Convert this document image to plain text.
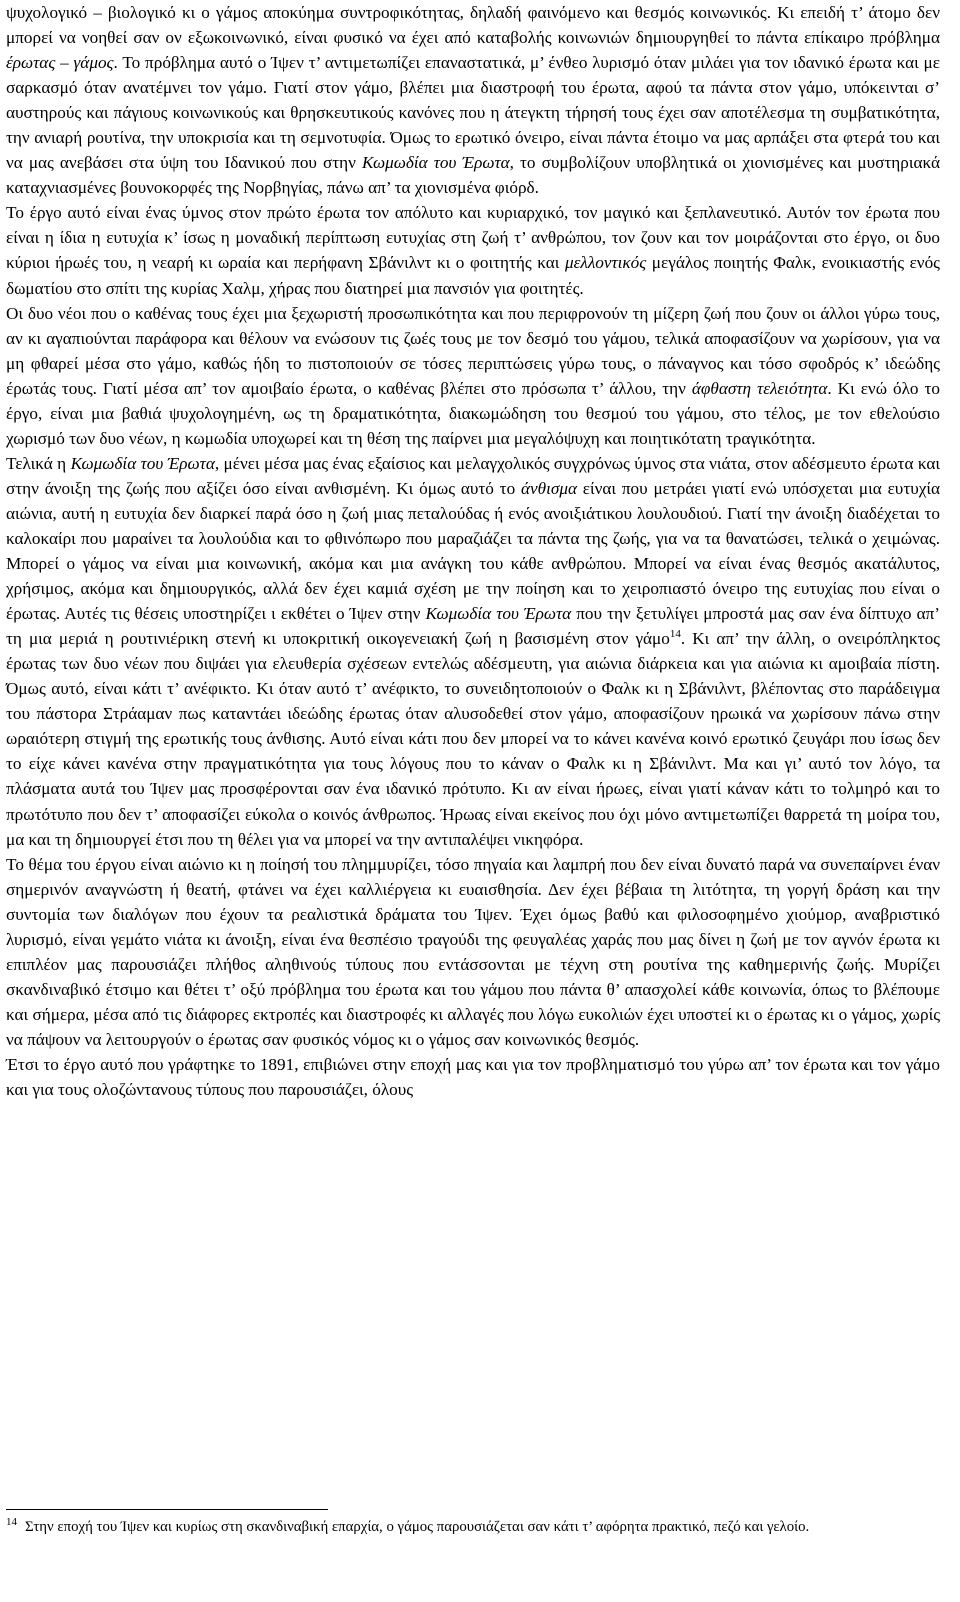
ψυχολογικό – βιολογικό κι ο γάμος αποκύημα συντροφικότητας, δηλαδή φαινόμενο και θεσμός κοινωνικός. Κι επειδή τ’ άτομο δεν μπορεί να νοηθεί σαν ον εξωκοινωνικό, είναι φυσικό να έχει από καταβολής κοινωνιών δημιουργηθεί το πάντα επίκαιρο πρόβλημα έρωτας – γάμος. Το πρόβλημα αυτό ο Ίψεν τ’ αντιμετωπίζει επαναστατικά, μ’ ένθεο λυρισμό όταν μιλάει για τον ιδανικό έρωτα και με σαρκασμό όταν ανατέμνει τον γάμο. Γιατί στον γάμο, βλέπει μια διαστροφή του έρωτα, αφού τα πάντα στον γάμο, υπόκεινται σ’ αυστηρούς και πάγιους κοινωνικούς και θρησκευτικούς κανόνες που η άτεγκτη τήρησή τους έχει σαν αποτέλεσμα τη συμβατικότητα, την ανιαρή ρουτίνα, την υποκρισία και τη σεμνοτυφία. Όμως το ερωτικό όνειρο, είναι πάντα έτοιμο να μας αρπάξει στα φτερά του και να μας ανεβάσει στα ύψη του Ιδανικού που στην Κωμωδία του Έρωτα, το συμβολίζουν υποβλητικά οι χιονισμένες και μυστηριακά καταχνιασμένες βουνοκορφές της Νορβηγίας, πάνω απ’ τα χιονισμένα φιόρδ.

Το έργο αυτό είναι ένας ύμνος στον πρώτο έρωτα τον απόλυτο και κυριαρχικό, τον μαγικό και ξεπλανευτικό. Αυτόν τον έρωτα που είναι η ίδια η ευτυχία κ’ ίσως η μοναδική περίπτωση ευτυχίας στη ζωή τ’ ανθρώπου, τον ζουν και τον μοιράζονται στο έργο, οι δυο κύριοι ήρωές του, η νεαρή κι ωραία και περήφανη Σβάνιλντ κι ο φοιτητής και μελλοντικός μεγάλος ποιητής Φαλκ, ενοικιαστής ενός δωματίου στο σπίτι της κυρίας Χαλμ, χήρας που διατηρεί μια πανσιόν για φοιτητές.

Οι δυο νέοι που ο καθένας τους έχει μια ξεχωριστή προσωπικότητα και που περιφρονούν τη μίζερη ζωή που ζουν οι άλλοι γύρω τους, αν κι αγαπιούνται παράφορα και θέλουν να ενώσουν τις ζωές τους με τον δεσμό του γάμου, τελικά αποφασίζουν να χωρίσουν, για να μη φθαρεί μέσα στο γάμο, καθώς ήδη το πιστοποιούν σε τόσες περιπτώσεις γύρω τους, ο πάναγνος και τόσο σφοδρός κ’ ιδεώδης έρωτάς τους. Γιατί μέσα απ’ τον αμοιβαίο έρωτα, ο καθένας βλέπει στο πρόσωπα τ’ άλλου, την άφθαστη τελειότητα. Κι ενώ όλο το έργο, είναι μια βαθιά ψυχολογημένη, ως τη δραματικότητα, διακωμώδηση του θεσμού του γάμου, στο τέλος, με τον εθελούσιο χωρισμό των δυο νέων, η κωμωδία υποχωρεί και τη θέση της παίρνει μια μεγαλόψυχη και ποιητικότατη τραγικότητα.

Τελικά η Κωμωδία του Έρωτα, μένει μέσα μας ένας εξαίσιος και μελαγχολικός συγχρόνως ύμνος στα νιάτα, στον αδέσμευτο έρωτα και στην άνοιξη της ζωής που αξίζει όσο είναι ανθισμένη. Κι όμως αυτό το άνθισμα είναι που μετράει γιατί ενώ υπόσχεται μια ευτυχία αιώνια, αυτή η ευτυχία δεν διαρκεί παρά όσο η ζωή μιας πεταλούδας ή ενός ανοιξιάτικου λουλουδιού. Γιατί την άνοιξη διαδέχεται το καλοκαίρι που μαραίνει τα λουλούδια και το φθινόπωρο που μαραζιάζει τα πάντα της ζωής, για να τα θανατώσει, τελικά ο χειμώνας. Μπορεί ο γάμος να είναι μια κοινωνική, ακόμα και μια ανάγκη του κάθε ανθρώπου. Μπορεί να είναι ένας θεσμός ακατάλυτος, χρήσιμος, ακόμα και δημιουργικός, αλλά δεν έχει καμιά σχέση με την ποίηση και το χειροπιαστό όνειρο της ευτυχίας που είναι ο έρωτας. Αυτές τις θέσεις υποστηρίζει ι εκθέτει ο Ίψεν στην Κωμωδία του Έρωτα που την ξετυλίγει μπροστά μας σαν ένα δίπτυχο απ’ τη μια μεριά η ρουτινιέρικη στενή κι υποκριτική οικογενειακή ζωή η βασισμένη στον γάμο$^{14}$. Κι απ’ την άλλη, ο ονειρόπληκτος έρωτας των δυο νέων που διψάει για ελευθερία σχέσεων εντελώς αδέσμευτη, για αιώνια διάρκεια και για αιώνια κι αμοιβαία πίστη. Όμως αυτό, είναι κάτι τ’ ανέφικτο. Κι όταν αυτό τ’ ανέφικτο, το συνειδητοποιούν ο Φαλκ κι η Σβάνιλντ, βλέποντας στο παράδειγμα του πάστορα Στράαμαν πως καταντάει ιδεώδης έρωτας όταν αλυσοδεθεί στον γάμο, αποφασίζουν ηρωικά να χωρίσουν πάνω στην ωραιότερη στιγμή της ερωτικής τους άνθισης. Αυτό είναι κάτι που δεν μπορεί να το κάνει κανένα κοινό ερωτικό ζευγάρι που ίσως δεν το είχε κάνει κανένα στην πραγματικότητα για τους λόγους που το κάναν ο Φαλκ κι η Σβάνιλντ. Μα και γι’ αυτό τον λόγο, τα πλάσματα αυτά του Ίψεν μας προσφέρονται σαν ένα ιδανικό πρότυπο. Κι αν είναι ήρωες, είναι γιατί κάναν κάτι το τολμηρό και το πρωτότυπο που δεν τ’ αποφασίζει εύκολα ο κοινός άνθρωπος. Ήρωας είναι εκείνος που όχι μόνο αντιμετωπίζει θαρρετά τη μοίρα του, μα και τη δημιουργεί έτσι που τη θέλει για να μπορεί να την αντιπαλέψει νικηφόρα.

Το θέμα του έργου είναι αιώνιο κι η ποίησή του πλημμυρίζει, τόσο πηγαία και λαμπρή που δεν είναι δυνατό παρά να συνεπαίρνει έναν σημερινόν αναγνώστη ή θεατή, φτάνει να έχει καλλιέργεια κι ευαισθησία. Δεν έχει βέβαια τη λιτότητα, τη γοργή δράση και την συντομία των διαλόγων που έχουν τα ρεαλιστικά δράματα του Ίψεν. Έχει όμως βαθύ και φιλοσοφημένο χιούμορ, αναβριστικό λυρισμό, είναι γεμάτο νιάτα κι άνοιξη, είναι ένα θεσπέσιο τραγούδι της φευγαλέας χαράς που μας δίνει η ζωή με τον αγνόν έρωτα κι επιπλέον μας παρουσιάζει πλήθος αληθινούς τύπους που εντάσσονται με τέχνη στη ρουτίνα της καθημερινής ζωής. Μυρίζει σκανδιναβικό έτσιμο και θέτει τ’ οξύ πρόβλημα του έρωτα και του γάμου που πάντα θ’ απασχολεί κάθε κοινωνία, όπως το βλέπουμε και σήμερα, μέσα από τις διάφορες εκτροπές και διαστροφές κι αλλαγές που λόγω ευκολιών έχει υποστεί κι ο έρωτας κι ο γάμος, χωρίς να πάψουν να λειτουργούν ο έρωτας σαν φυσικός νόμος κι ο γάμος σαν κοινωνικός θεσμός.

Έτσι το έργο αυτό που γράφτηκε το 1891, επιβιώνει στην εποχή μας και για τον προβληματισμό του γύρω απ’ τον έρωτα και τον γάμο και για τους ολοζώντανους τύπους που παρουσιάζει, όλους

$^{14}$ Στην εποχή του Ίψεν και κυρίως στη σκανδιναβική επαρχία, ο γάμος παρουσιάζεται σαν κάτι τ’ αφόρητα πρακτικό, πεζό και γελοίο.
